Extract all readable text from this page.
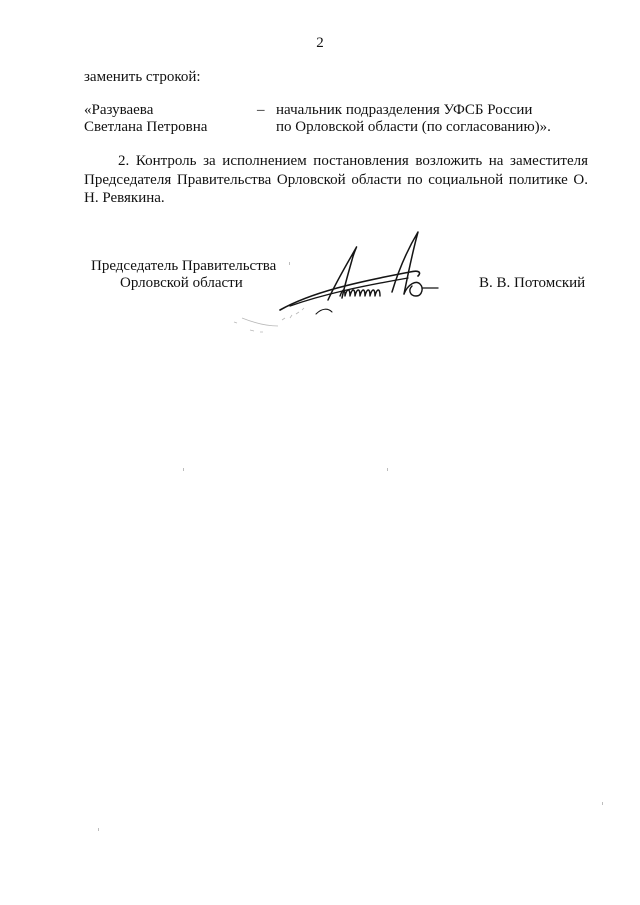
2
заменить строкой:
«Разуваева
Светлана Петровна
– начальник подразделения УФСБ России
по Орловской области (по согласованию)».

2. Контроль за исполнением постановления возложить на заместителя Председателя Правительства Орловской области по социальной политике О. Н. Ревякина.

Председатель Правительства
Орловской области	В. В. Потомский
